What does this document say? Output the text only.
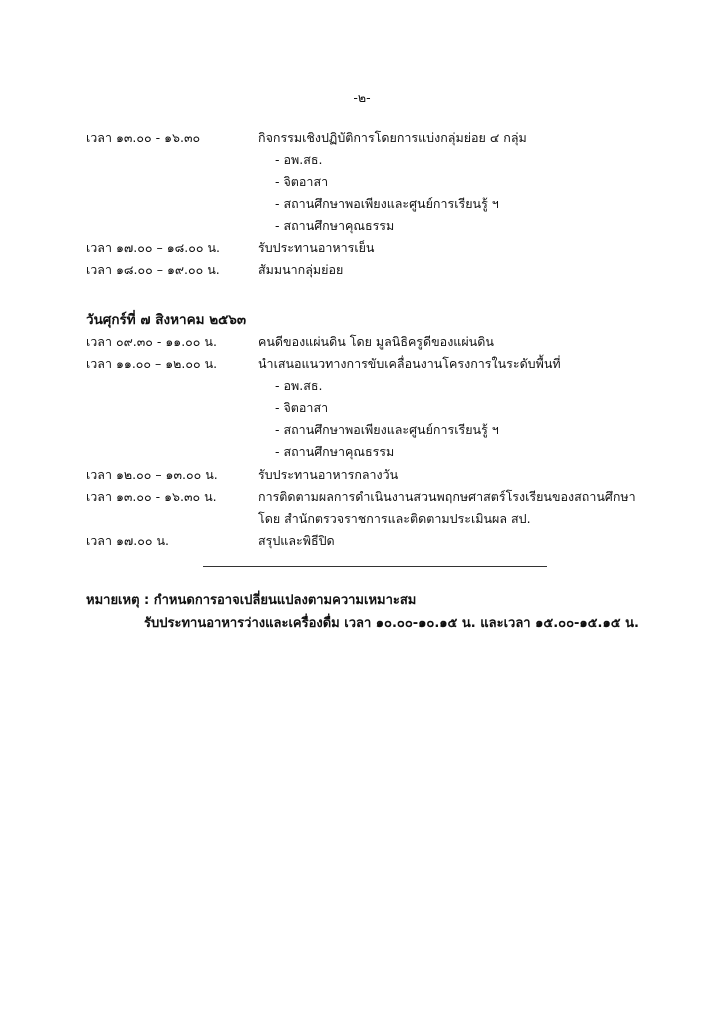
-๒-
เวลา ๑๓.๐๐ - ๑๖.๓๐	กิจกรรมเชิงปฏิบัติการโดยการแบ่งกลุ่มย่อย ๔ กลุ่ม
- อพ.สธ.
- จิตอาสา
- สถานศึกษาพอเพียงและศูนย์การเรียนรู้ ฯ
- สถานศึกษาคุณธรรม
เวลา ๑๗.๐๐ – ๑๘.๐๐ น.	รับประทานอาหารเย็น
เวลา ๑๘.๐๐ – ๑๙.๐๐ น.	สัมมนากลุ่มย่อย
วันศุกร์ที่ ๗ สิงหาคม ๒๕๖๓
เวลา ๐๙.๓๐ - ๑๑.๐๐ น.	คนดีของแผ่นดิน โดย มูลนิธิครูดีของแผ่นดิน
เวลา ๑๑.๐๐ – ๑๒.๐๐ น.	นำเสนอแนวทางการขับเคลื่อนงานโครงการในระดับพื้นที่
- อพ.สธ.
- จิตอาสา
- สถานศึกษาพอเพียงและศูนย์การเรียนรู้ ฯ
- สถานศึกษาคุณธรรม
เวลา ๑๒.๐๐ – ๑๓.๐๐ น.	รับประทานอาหารกลางวัน
เวลา ๑๓.๐๐ - ๑๖.๓๐ น.	การติดตามผลการดำเนินงานสวนพฤกษศาสตร์โรงเรียนของสถานศึกษา
โดย สำนักตรวจราชการและติดตามประเมินผล สป.
เวลา ๑๗.๐๐ น.	สรุปและพิธีปิด
หมายเหตุ : กำหนดการอาจเปลี่ยนแปลงตามความเหมาะสม
รับประทานอาหารว่างและเครื่องดื่ม เวลา ๑๐.๐๐-๑๐.๑๕ น. และเวลา ๑๕.๐๐-๑๕.๑๕ น.
